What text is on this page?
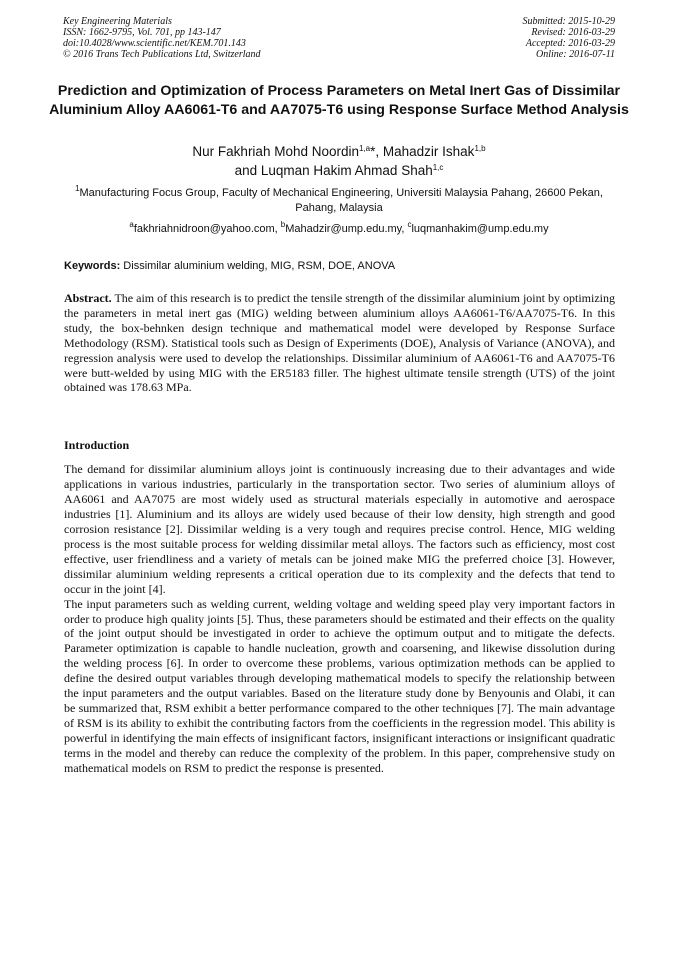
Key Engineering Materials
ISSN: 1662-9795, Vol. 701, pp 143-147
doi:10.4028/www.scientific.net/KEM.701.143
© 2016 Trans Tech Publications Ltd, Switzerland
Submitted: 2015-10-29
Revised: 2016-03-29
Accepted: 2016-03-29
Online: 2016-07-11
Prediction and Optimization of Process Parameters on Metal Inert Gas of Dissimilar Aluminium Alloy AA6061-T6 and AA7075-T6 using Response Surface Method Analysis
Nur Fakhriah Mohd Noordin$^{1,a}$*, Mahadzir Ishak$^{1,b}$
and Luqman Hakim Ahmad Shah$^{1,c}$
$^1$Manufacturing Focus Group, Faculty of Mechanical Engineering, Universiti Malaysia Pahang, 26600 Pekan, Pahang, Malaysia
$^a$fakhriahnidroon@yahoo.com, $^b$Mahadzir@ump.edu.my, $^c$luqmanhakim@ump.edu.my
Keywords: Dissimilar aluminium welding, MIG, RSM, DOE, ANOVA
Abstract. The aim of this research is to predict the tensile strength of the dissimilar aluminium joint by optimizing the parameters in metal inert gas (MIG) welding between aluminium alloys AA6061-T6/AA7075-T6. In this study, the box-behnken design technique and mathematical model were developed by Response Surface Methodology (RSM). Statistical tools such as Design of Experiments (DOE), Analysis of Variance (ANOVA), and regression analysis were used to develop the relationships. Dissimilar aluminium of AA6061-T6 and AA7075-T6 were butt-welded by using MIG with the ER5183 filler. The highest ultimate tensile strength (UTS) of the joint obtained was 178.63 MPa.
Introduction

The demand for dissimilar aluminium alloys joint is continuously increasing due to their advantages and wide applications in various industries, particularly in the transportation sector. Two series of aluminium alloys of AA6061 and AA7075 are most widely used as structural materials especially in automotive and aerospace industries [1]. Aluminium and its alloys are widely used because of their low density, high strength and good corrosion resistance [2]. Dissimilar welding is a very tough and requires precise control. Hence, MIG welding process is the most suitable process for welding dissimilar metal alloys. The factors such as efficiency, most cost effective, user friendliness and a variety of metals can be joined make MIG the preferred choice [3]. However, dissimilar aluminium welding represents a critical operation due to its complexity and the defects that tend to occur in the joint [4].

The input parameters such as welding current, welding voltage and welding speed play very important factors in order to produce high quality joints [5]. Thus, these parameters should be estimated and their effects on the quality of the joint output should be investigated in order to achieve the optimum output and to mitigate the defects. Parameter optimization is capable to handle nucleation, growth and coarsening, and likewise dissolution during the welding process [6]. In order to overcome these problems, various optimization methods can be applied to define the desired output variables through developing mathematical models to specify the relationship between the input parameters and the output variables. Based on the literature study done by Benyounis and Olabi, it can be summarized that, RSM exhibit a better performance compared to the other techniques [7]. The main advantage of RSM is its ability to exhibit the contributing factors from the coefficients in the regression model. This ability is powerful in identifying the main effects of insignificant factors, insignificant interactions or insignificant quadratic terms in the model and thereby can reduce the complexity of the problem. In this paper, comprehensive study on mathematical models on RSM to predict the response is presented.
